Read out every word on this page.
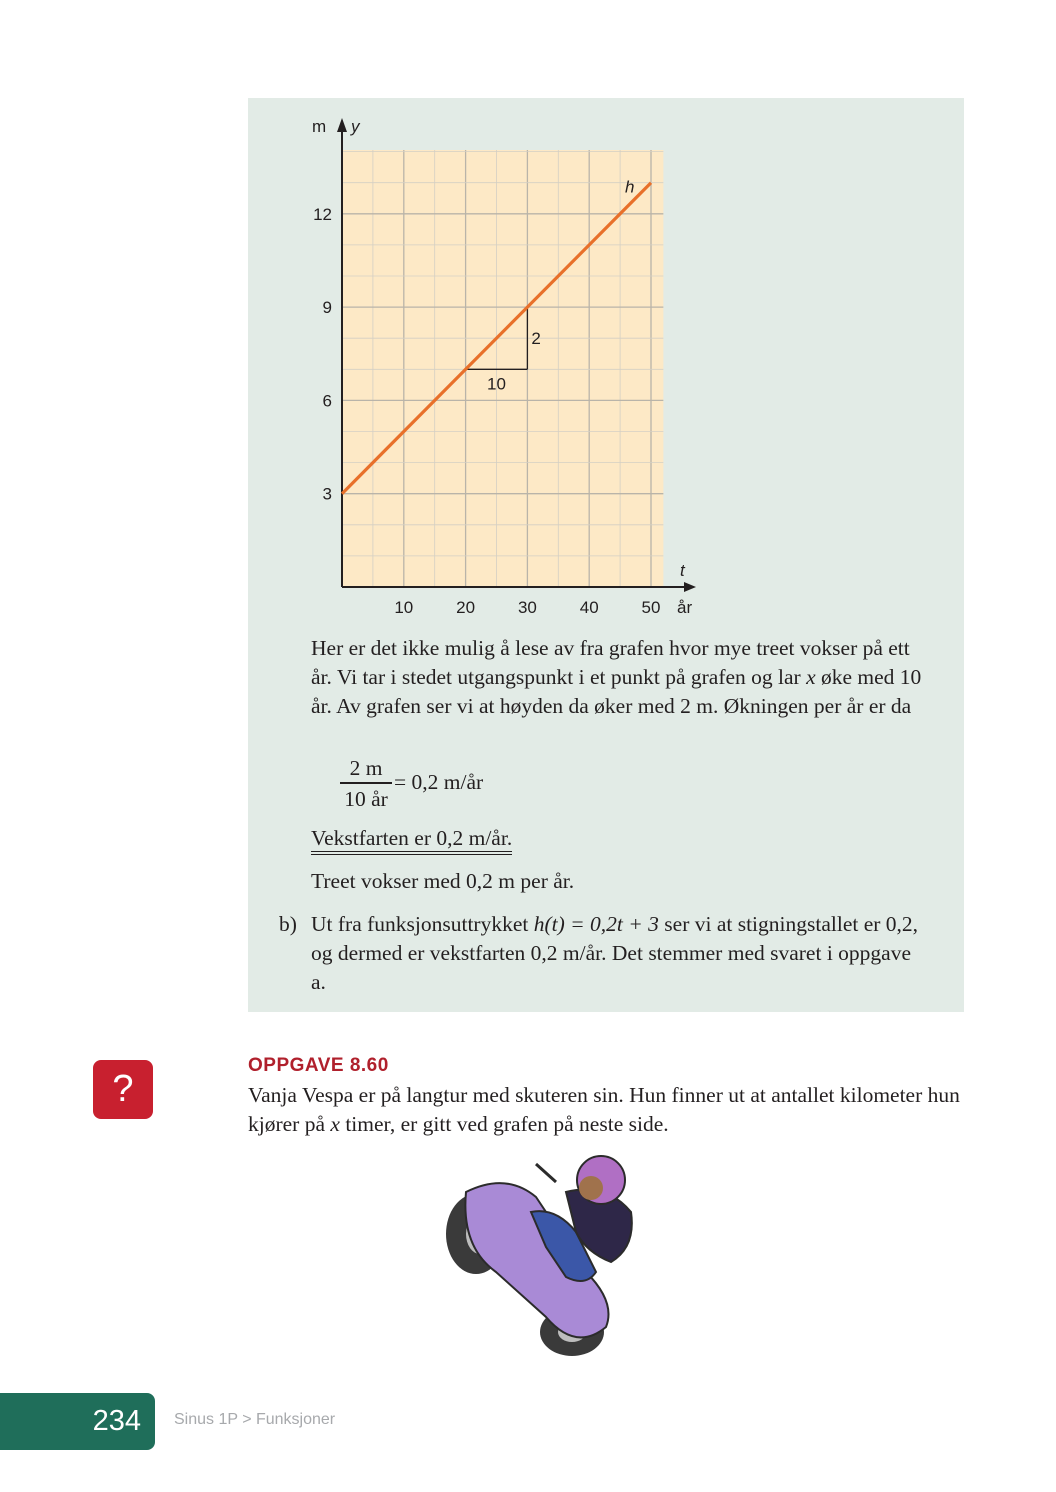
10	20	30	40	50
3
6
9
12
m y
t
år
10
2
h
Her er det ikke mulig å lese av fra grafen hvor mye treet vokser på ett år. Vi tar i stedet utgangspunkt i et punkt på grafen og lar x øke med 10 år. Av grafen ser vi at høyden da øker med 2 m. Økningen per år er da
2 m
10 år
= 0,2 m/år
Vekstfarten er 0,2 m/år.
Treet vokser med 0,2 m per år.
b) Ut fra funksjonsuttrykket h(t) = 0,2t + 3 ser vi at stigningstallet er 0,2, og dermed er vekstfarten 0,2 m/år. Det stemmer med svaret i oppgave a.
?
OPPGAVE 8.60
Vanja Vespa er på langtur med skuteren sin. Hun finner ut at antallet kilometer hun kjører på x timer, er gitt ved grafen på neste side.
234	Sinus 1P > Funksjoner
